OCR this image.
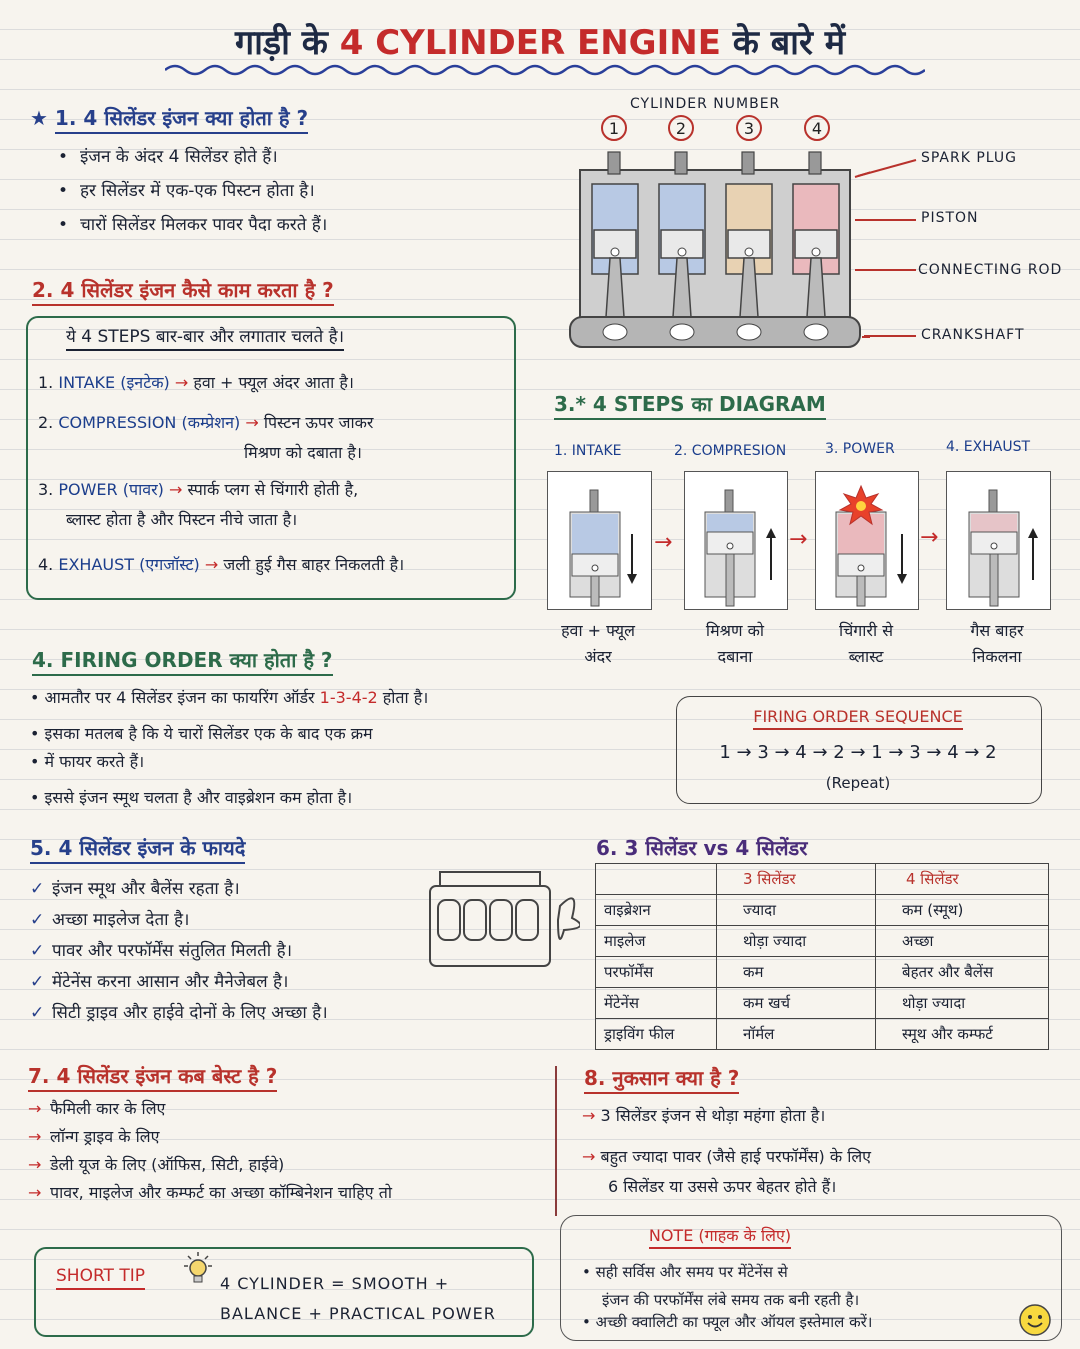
गाड़ी के 4 CYLINDER ENGINE के बारे में
★ 1. 4 सिलेंडर इंजन क्या होता है ?
• इंजन के अंदर 4 सिलेंडर होते हैं।
• हर सिलेंडर में एक-एक पिस्टन होता है।
• चारों सिलेंडर मिलकर पावर पैदा करते हैं।
CYLINDER NUMBER
1	2	3	4
SPARK PLUG
PISTON
CONNECTING ROD
CRANKSHAFT
2. 4 सिलेंडर इंजन कैसे काम करता है ?
ये 4 STEPS बार-बार और लगातार चलते है।
1. INTAKE (इनटेक) → हवा + फ्यूल अंदर आता है।
2. COMPRESSION (कम्प्रेशन) → पिस्टन ऊपर जाकर
मिश्रण को दबाता है।
3. POWER (पावर) → स्पार्क प्लग से चिंगारी होती है,
ब्लास्ट होता है और पिस्टन नीचे जाता है।
4. EXHAUST (एगजॉस्ट) → जली हुई गैस बाहर निकलती है।
3.* 4 STEPS का DIAGRAM
1. INTAKE	2. COMPRESION	3. POWER	4. EXHAUST
→	→	→
हवा + फ्यूल
अंदर
मिश्रण को
दबाना
चिंगारी से
ब्लास्ट
गैस बाहर
निकलना
4. FIRING ORDER क्या होता है ?
• आमतौर पर 4 सिलेंडर इंजन का फायरिंग ऑर्डर 1-3-4-2 होता है।
• इसका मतलब है कि ये चारों सिलेंडर एक के बाद एक क्रम
• में फायर करते हैं।
• इससे इंजन स्मूथ चलता है और वाइब्रेशन कम होता है।
FIRING ORDER SEQUENCE
1 → 3 → 4 → 2 → 1 → 3 → 4 → 2
(Repeat)
5. 4 सिलेंडर इंजन के फायदे
✓ इंजन स्मूथ और बैलेंस रहता है।
✓ अच्छा माइलेज देता है।
✓ पावर और परफॉर्मेंस संतुलित मिलती है।
✓ मेंटेनेंस करना आसान और मैनेजेबल है।
✓ सिटी ड्राइव और हाईवे दोनों के लिए अच्छा है।
6. 3 सिलेंडर vs 4 सिलेंडर
	3 सिलेंडर	4 सिलेंडर
वाइब्रेशन	ज्यादा	कम (स्मूथ)
माइलेज	थोड़ा ज्यादा	अच्छा
परफॉर्मेंस	कम	बेहतर और बैलेंस
मेंटेनेंस	कम खर्च	थोड़ा ज्यादा
ड्राइविंग फील	नॉर्मल	स्मूथ और कम्फर्ट
7. 4 सिलेंडर इंजन कब बेस्ट है ?
→ फैमिली कार के लिए
→ लॉन्ग ड्राइव के लिए
→ डेली यूज के लिए (ऑफिस, सिटी, हाईवे)
→ पावर, माइलेज और कम्फर्ट का अच्छा कॉम्बिनेशन चाहिए तो
8. नुकसान क्या है ?
→ 3 सिलेंडर इंजन से थोड़ा महंगा होता है।
→ बहुत ज्यादा पावर (जैसे हाई परफॉर्मेंस) के लिए
6 सिलेंडर या उससे ऊपर बेहतर होते हैं।
SHORT TIP	4 CYLINDER = SMOOTH +
BALANCE + PRACTICAL POWER
NOTE (गाहक के लिए)
• सही सर्विस और समय पर मेंटेनेंस से
इंजन की परफॉर्मेंस लंबे समय तक बनी रहती है।
• अच्छी क्वालिटी का फ्यूल और ऑयल इस्तेमाल करें।
